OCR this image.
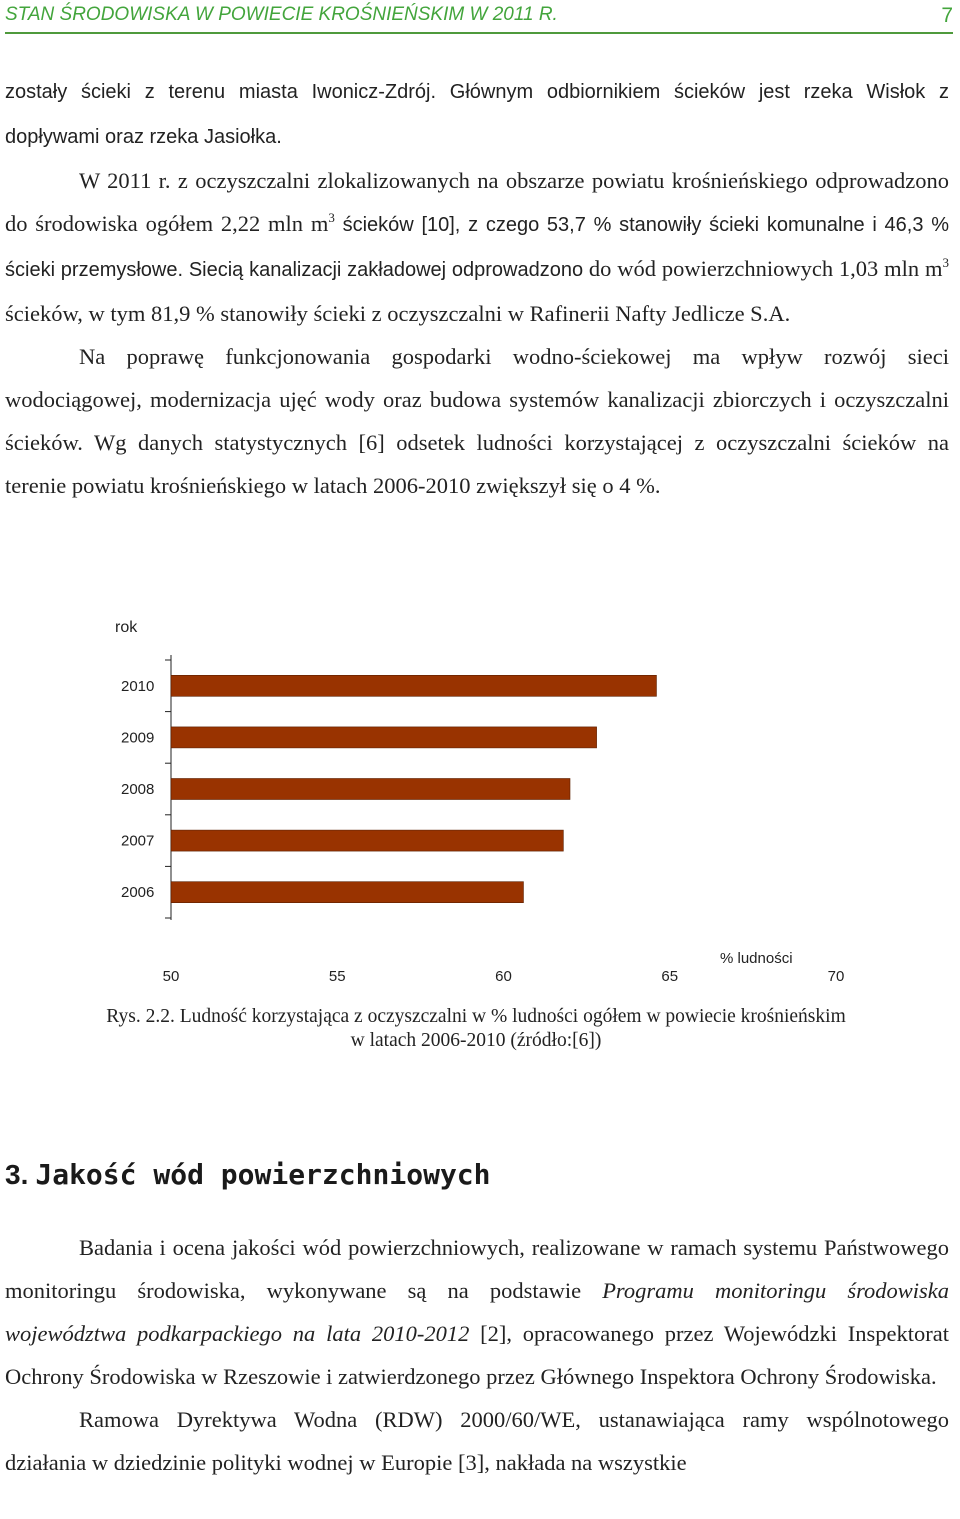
STAN ŚRODOWISKA W POWIECIE KROŚNIEŃSKIM W 2011 R.	7

zostały ścieki z terenu miasta Iwonicz-Zdrój. Głównym odbiornikiem ścieków jest rzeka Wisłok z dopływami oraz rzeka Jasiołka.

W 2011 r. z oczyszczalni zlokalizowanych na obszarze powiatu krośnieńskiego odprowadzono do środowiska ogółem 2,22 mln $m^3$ ścieków [10], z czego 53,7 % stanowiły ścieki komunalne i 46,3 % ścieki przemysłowe. Siecią kanalizacji zakładowej odprowadzono do wód powierzchniowych 1,03 mln $m^3$ ścieków, w tym 81,9 % stanowiły ścieki z oczyszczalni w Rafinerii Nafty Jedlicze S.A.

Na poprawę funkcjonowania gospodarki wodno-ściekowej ma wpływ rozwój sieci wodociągowej, modernizacja ujęć wody oraz budowa systemów kanalizacji zbiorczych i oczyszczalni ścieków. Wg danych statystycznych [6] odsetek ludności korzystającej z oczyszczalni ścieków na terenie powiatu krośnieńskiego w latach 2006-2010 zwiększył się o 4 %.

rok
2010
2009
2008
2007
2006
50	55	60	65	70
% ludności
Rys. 2.2. Ludność korzystająca z oczyszczalni w % ludności ogółem w powiecie krośnieńskim
w latach 2006-2010 (źródło:[6])
3. Jakość wód powierzchniowych

Badania i ocena jakości wód powierzchniowych, realizowane w ramach systemu Państwowego monitoringu środowiska, wykonywane są na podstawie Programu monitoringu środowiska województwa podkarpackiego na lata 2010-2012 [2], opracowanego przez Wojewódzki Inspektorat Ochrony Środowiska w Rzeszowie i zatwierdzonego przez Głównego Inspektora Ochrony Środowiska.

Ramowa Dyrektywa Wodna (RDW) 2000/60/WE, ustanawiająca ramy wspólnotowego działania w dziedzinie polityki wodnej w Europie [3], nakłada na wszystkie
